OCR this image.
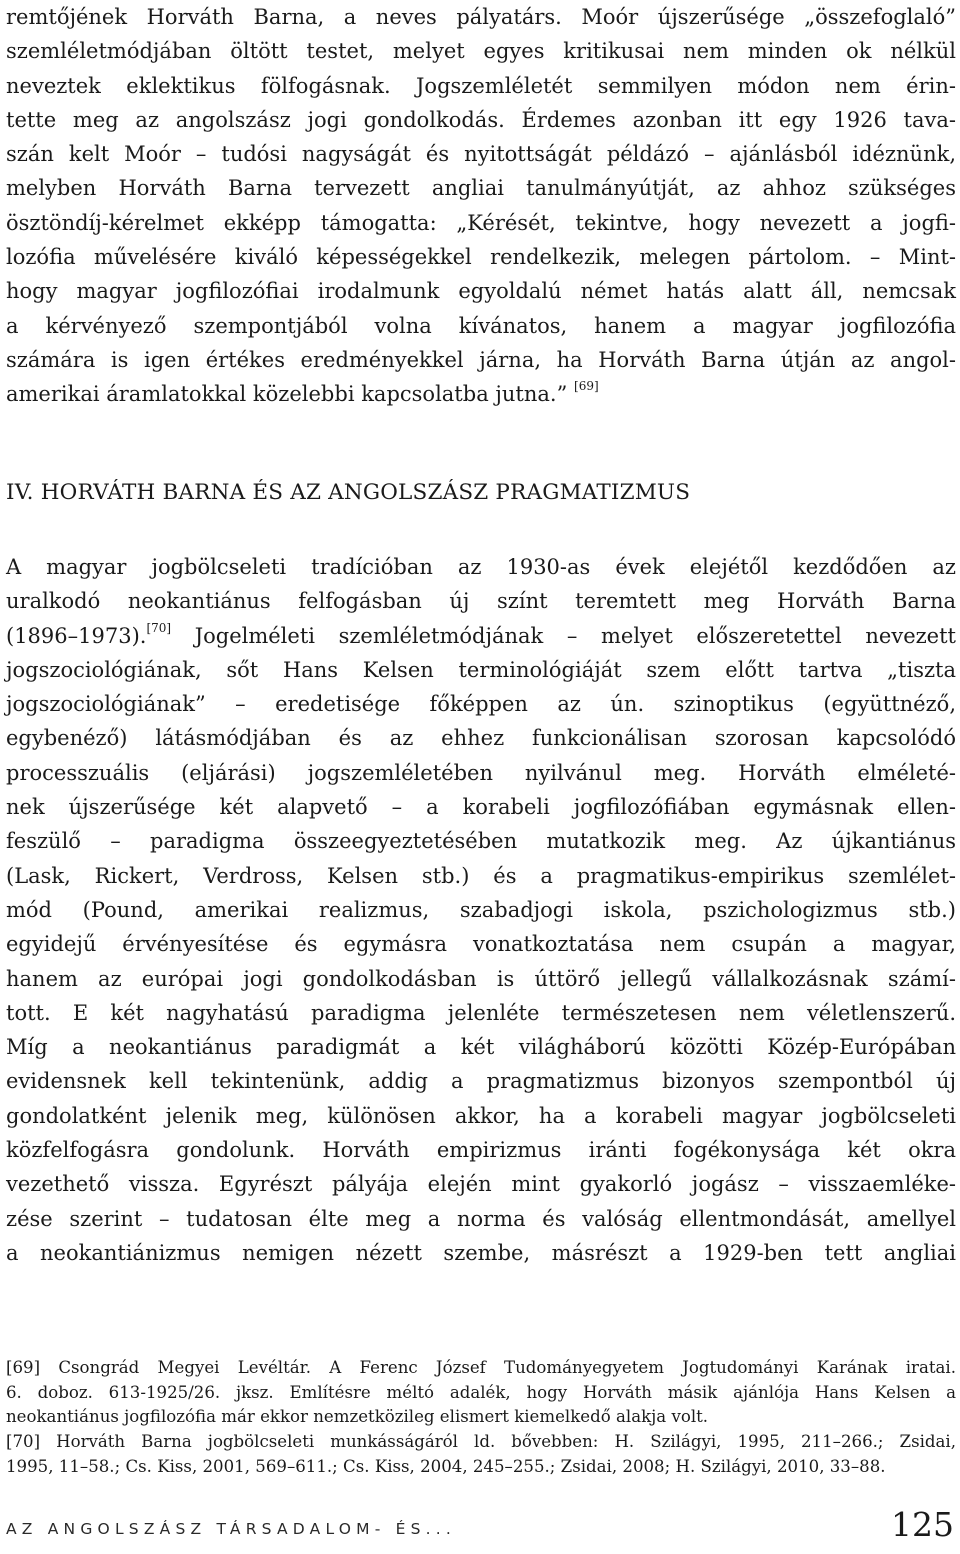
remtőjének Horváth Barna, a neves pályatárs. Moór újszerűsége „összefoglaló”
szemléletmódjában öltött testet, melyet egyes kritikusai nem minden ok nélkül
neveztek eklektikus fölfogásnak. Jogszemléletét semmilyen módon nem érin-
tette meg az angolszász jogi gondolkodás. Érdemes azonban itt egy 1926 tava-
szán kelt Moór – tudósi nagyságát és nyitottságát példázó – ajánlásból idéznünk,
melyben Horváth Barna tervezett angliai tanulmányútját, az ahhoz szükséges
ösztöndíj-kérelmet ekképp támogatta: „Kérését, tekintve, hogy nevezett a jogfi-
lozófia művelésére kiváló képességekkel rendelkezik, melegen pártolom. – Mint-
hogy magyar jogfilozófiai irodalmunk egyoldalú német hatás alatt áll, nemcsak
a kérvényező szempontjából volna kívánatos, hanem a magyar jogfilozófia
számára is igen értékes eredményekkel járna, ha Horváth Barna útján az angol-
amerikai áramlatokkal közelebbi kapcsolatba jutna.” [69]
IV. HORVÁTH BARNA ÉS AZ ANGOLSZÁSZ PRAGMATIZMUS
A magyar jogbölcseleti tradícióban az 1930-as évek elejétől kezdődően az
uralkodó neokantiánus felfogásban új színt teremtett meg Horváth Barna
(1896–1973).[70] Jogelméleti szemléletmódjának – melyet előszeretettel nevezett
jogszociológiának, sőt Hans Kelsen terminológiáját szem előtt tartva „tiszta
jogszociológiának” – eredetisége főképpen az ún. szinoptikus (együttnéző,
egybenéző) látásmódjában és az ehhez funkcionálisan szorosan kapcsolódó
processzuális (eljárási) jogszemléletében nyilvánul meg. Horváth elméleté-
nek újszerűsége két alapvető – a korabeli jogfilozófiában egymásnak ellen-
feszülő – paradigma összeegyeztetésében mutatkozik meg. Az újkantiánus
(Lask, Rickert, Verdross, Kelsen stb.) és a pragmatikus-empirikus szemlélet-
mód (Pound, amerikai realizmus, szabadjogi iskola, pszichologizmus stb.)
egyidejű érvényesítése és egymásra vonatkoztatása nem csupán a magyar,
hanem az európai jogi gondolkodásban is úttörő jellegű vállalkozásnak számí-
tott. E két nagyhatású paradigma jelenléte természetesen nem véletlenszerű.
Míg a neokantiánus paradigmát a két világháború közötti Közép-Európában
evidensnek kell tekintenünk, addig a pragmatizmus bizonyos szempontból új
gondolatként jelenik meg, különösen akkor, ha a korabeli magyar jogbölcseleti
közfelfogásra gondolunk. Horváth empirizmus iránti fogékonysága két okra
vezethető vissza. Egyrészt pályája elején mint gyakorló jogász – visszaemléke-
zése szerint – tudatosan élte meg a norma és valóság ellentmondását, amellyel
a neokantiánizmus nemigen nézett szembe, másrészt a 1929-ben tett angliai
[69] Csongrád Megyei Levéltár. A Ferenc József Tudományegyetem Jogtudományi Karának iratai.
6. doboz. 613-1925/26. jksz. Említésre méltó adalék, hogy Horváth másik ajánlója Hans Kelsen a
neokantiánus jogfilozófia már ekkor nemzetközileg elismert kiemelkedő alakja volt.
[70] Horváth Barna jogbölcseleti munkásságáról ld. bővebben: H. Szilágyi, 1995, 211–266.; Zsidai,
1995, 11–58.; Cs. Kiss, 2001, 569–611.; Cs. Kiss, 2004, 245–255.; Zsidai, 2008; H. Szilágyi, 2010, 33–88.
AZ ANGOLSZÁSZ TÁRSADALOM- ÉS...	125
